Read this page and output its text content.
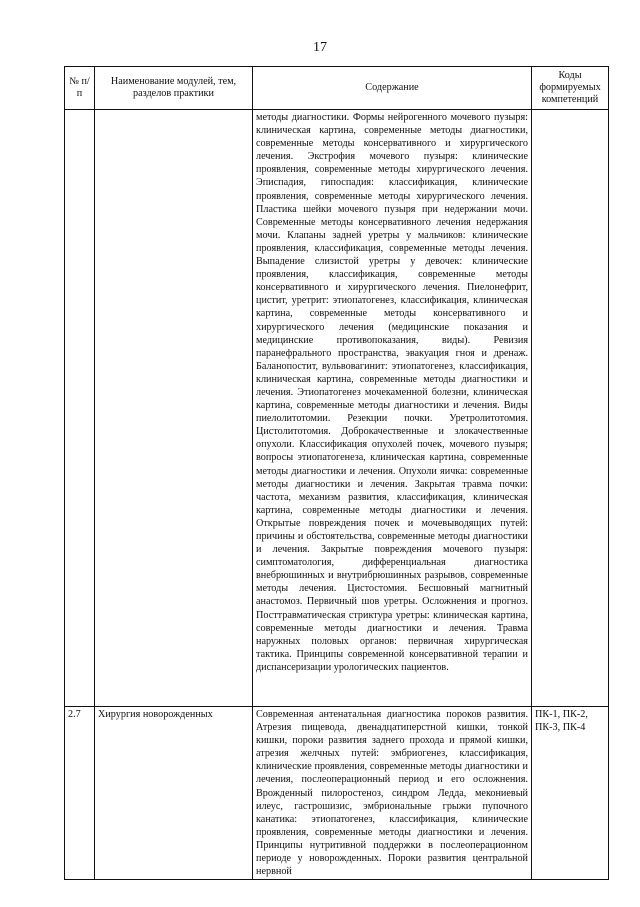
17
№ п/п	Наименование модулей, тем, разделов практики	Содержание	Коды формируемых компетенций
		методы диагностики. Формы нейрогенного мочевого пузыря: клиническая картина, современные методы диагностики, современные методы консервативного и хирургического лечения. Экстрофия мочевого пузыря: клинические проявления, современные методы хирургического лечения. Эписпадия, гипоспадия: классификация, клинические проявления, современные методы хирургического лечения. Пластика шейки мочевого пузыря при недержании мочи. Современные методы консервативного лечения недержания мочи. Клапаны задней уретры у мальчиков: клинические проявления, классификация, современные методы лечения. Выпадение слизистой уретры у девочек: клинические проявления, классификация, современные методы консервативного и хирургического лечения. Пиелонефрит, цистит, уретрит: этиопатогенез, классификация, клиническая картина, современные методы консервативного и хирургического лечения (медицинские показания и медицинские противопоказания, виды). Ревизия паранефрального пространства, эвакуация гноя и дренаж. Баланопостит, вульвовагинит: этиопатогенез, классификация, клиническая картина, современные методы диагностики и лечения. Этиопатогенез мочекаменной болезни, клиническая картина, современные методы диагностики и лечения. Виды пиелолитотомии. Резекции почки. Уретролитотомия. Цистолитотомия. Доброкачественные и злокачественные опухоли. Классификация опухолей почек, мочевого пузыря; вопросы этиопатогенеза, клиническая картина, современные методы диагностики и лечения. Опухоли яичка: современные методы диагностики и лечения. Закрытая травма почки: частота, механизм развития, классификация, клиническая картина, современные методы диагностики и лечения. Открытые повреждения почек и мочевыводящих путей: причины и обстоятельства, современные методы диагностики и лечения. Закрытые повреждения мочевого пузыря: симптоматология, дифференциальная диагностика внебрюшинных и внутрибрюшинных разрывов, современные методы лечения. Цистостомия. Бесшовный магнитный анастомоз. Первичный шов уретры. Осложнения и прогноз. Посттравматическая стриктура уретры: клиническая картина, современные методы диагностики и лечения. Травма наружных половых органов: первичная хирургическая тактика. Принципы современной консервативной терапии и диспансеризации урологических пациентов.	
2.7	Хирургия новорожденных	Современная антенатальная диагностика пороков развития. Атрезия пищевода, двенадцатиперстной кишки, тонкой кишки, пороки развития заднего прохода и прямой кишки, атрезия желчных путей: эмбриогенез, классификация, клинические проявления, современные методы диагностики и лечения, послеоперационный период и его осложнения. Врожденный пилоростеноз, синдром Ледда, мекониевый илеус, гастрошизис, эмбриональные грыжи пупочного канатика: этиопатогенез, классификация, клинические проявления, современные методы диагностики и лечения. Принципы нутритивной поддержки в послеоперационном периоде у новорожденных. Пороки развития центральной нервной	ПК-1, ПК-2, ПК-3, ПК-4
